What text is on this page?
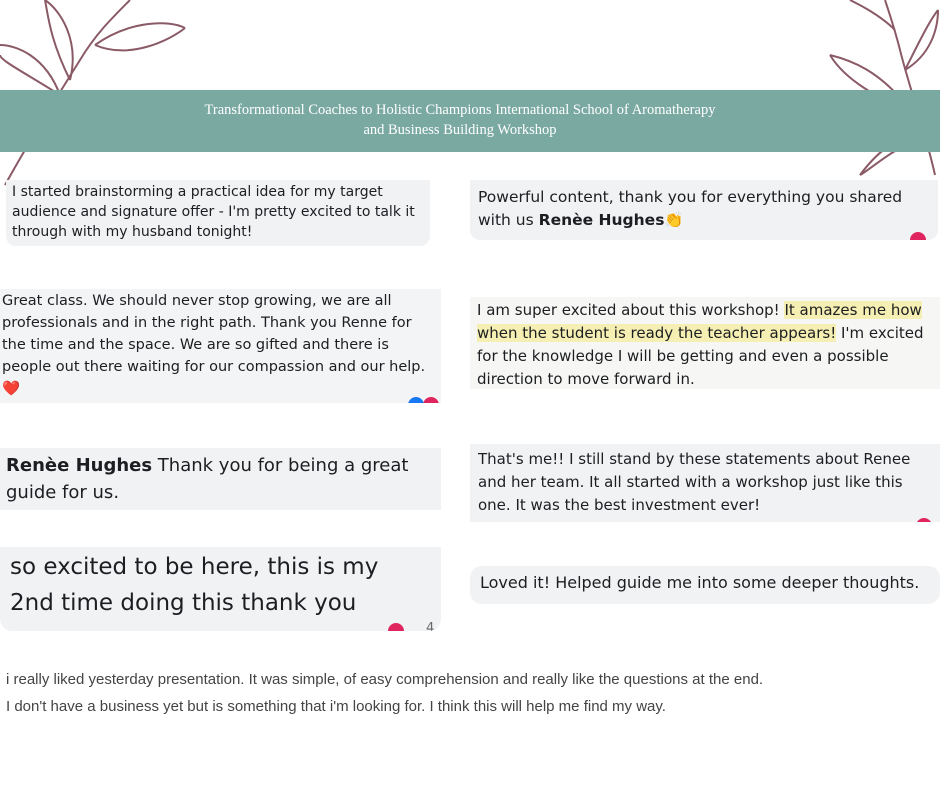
Transformational Coaches to Holistic Champions International School of Aromatherapy
and Business Building Workshop
I started brainstorming a practical idea for my target audience and signature offer - I'm pretty excited to talk it through with my husband tonight!
Powerful content, thank you for everything you shared with us Renèe Hughes👏
Great class. We should never stop growing, we are all professionals and in the right path. Thank you Renne for the time and the space. We are so gifted and there is people out there waiting for our compassion and our help. ❤️
I am super excited about this workshop! It amazes me how when the student is ready the teacher appears! I'm excited for the knowledge I will be getting and even a possible direction to move forward in.
Renèe Hughes Thank you for being a great guide for us.
That's me!! I still stand by these statements about Renee and her team. It all started with a workshop just like this one. It was the best investment ever!
so excited to be here, this is my 2nd time doing this thank you
4
Loved it! Helped guide me into some deeper thoughts.
i really liked yesterday presentation. It was simple, of easy comprehension and really like the questions at the end.
I don't have a business yet but is something that i'm looking for. I think this will help me find my way.
